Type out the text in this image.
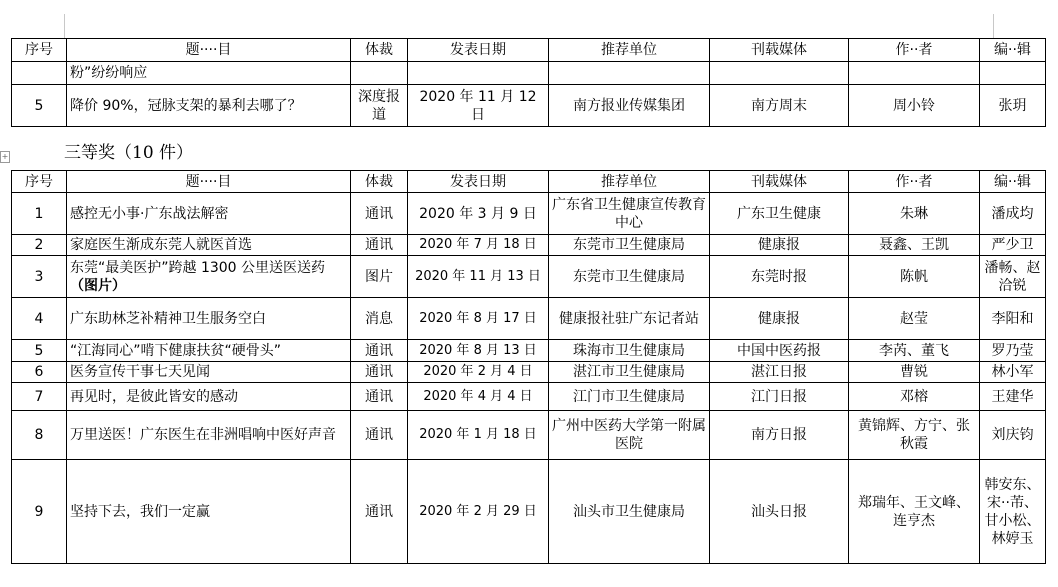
序号	题····目	体裁	发表日期	推荐单位	刊载媒体	作··者	编··辑
	粉”纷纷响应						
5	降价 90%，冠脉支架的暴利去哪了？	深度报道	2020 年 11 月 12 日	南方报业传媒集团	南方周末	周小铃	张玥
+	三等奖（10 件）
序号	题····目	体裁	发表日期	推荐单位	刊载媒体	作··者	编··辑
1	感控无小事·广东战法解密	通讯	2020 年 3 月 9 日	广东省卫生健康宣传教育中心	广东卫生健康	朱琳	潘成均
2	家庭医生渐成东莞人就医首选	通讯	2020 年 7 月 18 日	东莞市卫生健康局	健康报	聂鑫、王凯	严少卫
3	东莞“最美医护”跨越 1300 公里送医送药（图片）	图片	2020 年 11 月 13 日	东莞市卫生健康局	东莞时报	陈帆	潘畅、赵洽锐
4	广东助林芝补精神卫生服务空白	消息	2020 年 8 月 17 日	健康报社驻广东记者站	健康报	赵莹	李阳和
5	“江海同心”啃下健康扶贫“硬骨头”	通讯	2020 年 8 月 13 日	珠海市卫生健康局	中国中医药报	李芮、董飞	罗乃莹
6	医务宣传干事七天见闻	通讯	2020 年 2 月 4 日	湛江市卫生健康局	湛江日报	曹锐	林小军
7	再见时，是彼此皆安的感动	通讯	2020 年 4 月 4 日	江门市卫生健康局	江门日报	邓榕	王建华
8	万里送医！广东医生在非洲唱响中医好声音	通讯	2020 年 1 月 18 日	广州中医药大学第一附属医院	南方日报	黄锦辉、方宁、张秋霞	刘庆钧
9	坚持下去，我们一定赢	通讯	2020 年 2 月 29 日	汕头市卫生健康局	汕头日报	郑瑞年、王文峰、连亨杰	韩安东、宋··芾、甘小松、林婷玉
